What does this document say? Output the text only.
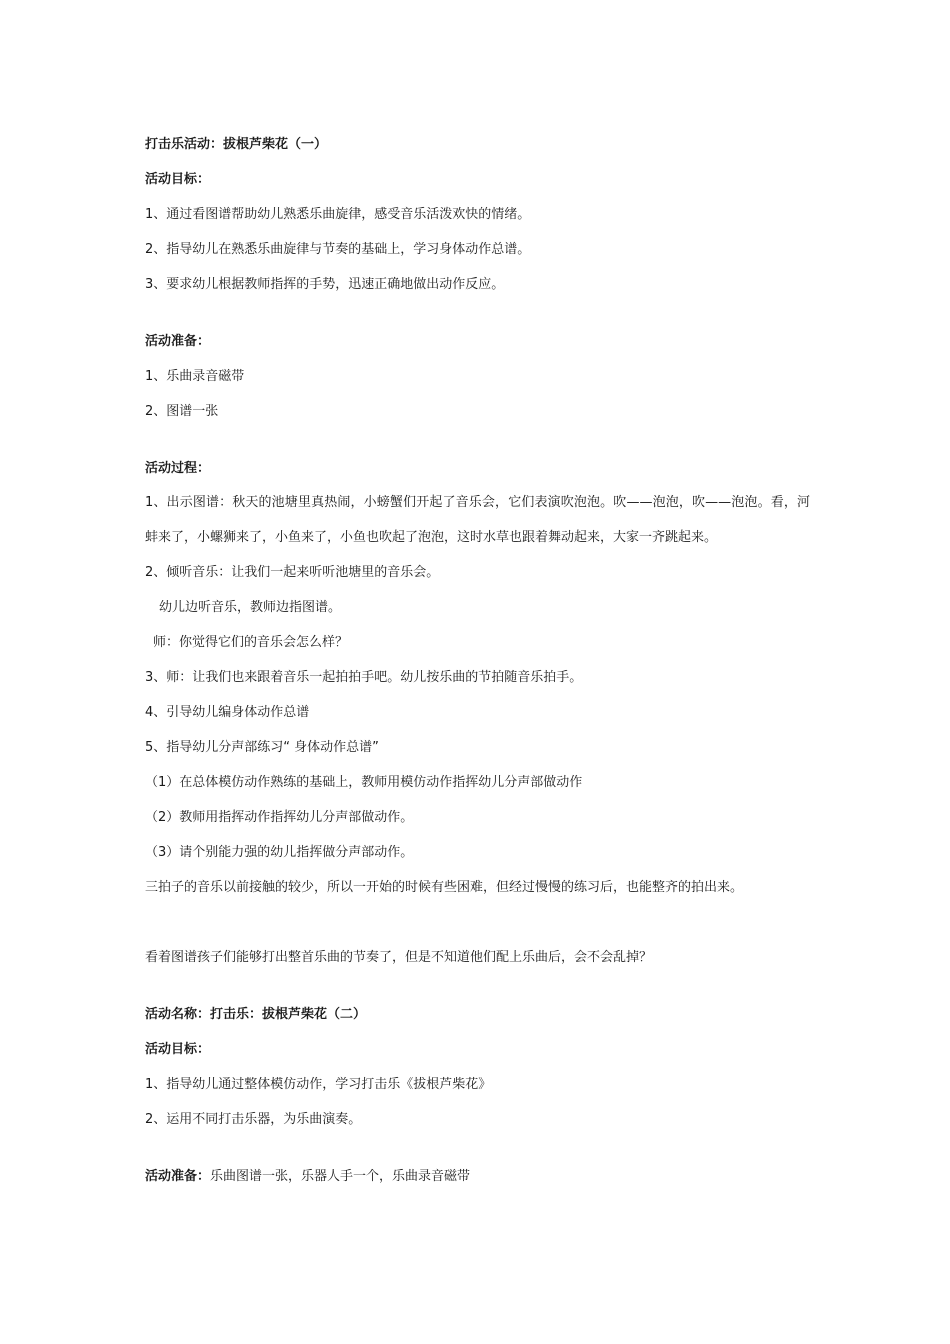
打击乐活动：拔根芦柴花（一）

活动目标：

1、通过看图谱帮助幼儿熟悉乐曲旋律，感受音乐活泼欢快的情绪。

2、指导幼儿在熟悉乐曲旋律与节奏的基础上，学习身体动作总谱。

3、要求幼儿根据教师指挥的手势，迅速正确地做出动作反应。

活动准备：

1、乐曲录音磁带

2、图谱一张

活动过程：

1、出示图谱：秋天的池塘里真热闹，小螃蟹们开起了音乐会，它们表演吹泡泡。吹——泡泡，吹——泡泡。看，河蚌来了，小螺狮来了，小鱼来了，小鱼也吹起了泡泡，这时水草也跟着舞动起来，大家一齐跳起来。

2、倾听音乐：让我们一起来听听池塘里的音乐会。

幼儿边听音乐，教师边指图谱。

师：你觉得它们的音乐会怎么样？

3、师：让我们也来跟着音乐一起拍拍手吧。幼儿按乐曲的节拍随音乐拍手。

4、引导幼儿编身体动作总谱

5、指导幼儿分声部练习“ 身体动作总谱”

（1）在总体模仿动作熟练的基础上，教师用模仿动作指挥幼儿分声部做动作

（2）教师用指挥动作指挥幼儿分声部做动作。

（3）请个别能力强的幼儿指挥做分声部动作。

三拍子的音乐以前接触的较少，所以一开始的时候有些困难，但经过慢慢的练习后，也能整齐的拍出来。

看着图谱孩子们能够打出整首乐曲的节奏了，但是不知道他们配上乐曲后，会不会乱掉？

活动名称：打击乐：拔根芦柴花（二）

活动目标：

1、指导幼儿通过整体模仿动作，学习打击乐《拔根芦柴花》

2、运用不同打击乐器，为乐曲演奏。

活动准备：乐曲图谱一张，乐器人手一个，乐曲录音磁带
